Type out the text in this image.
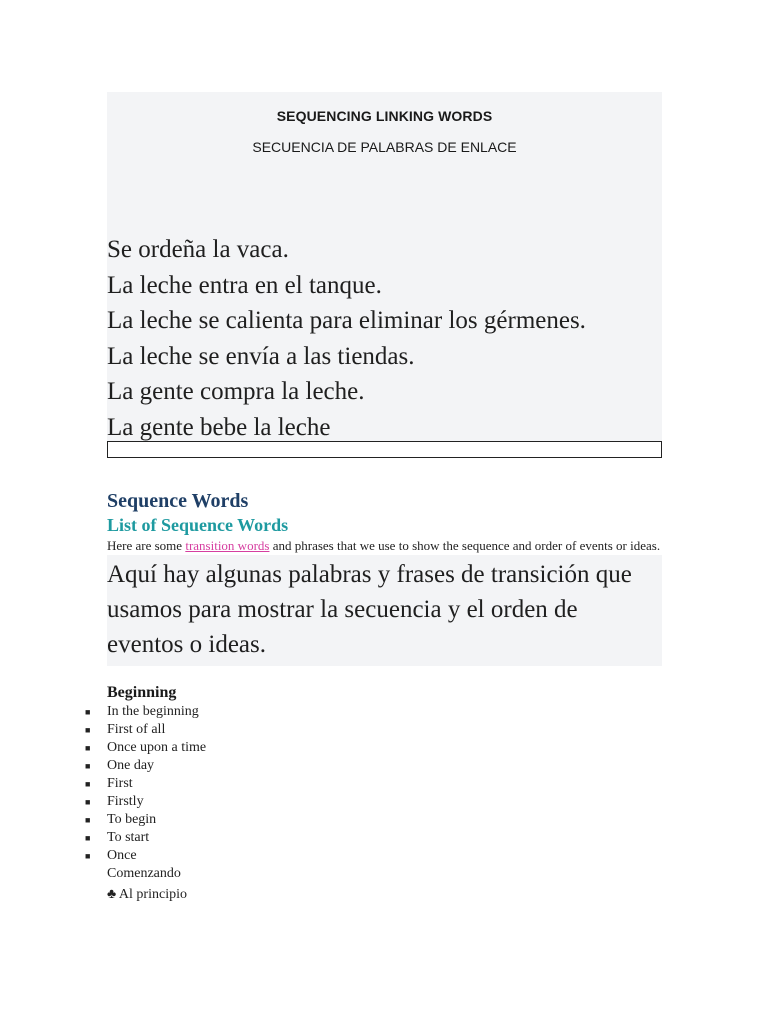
SEQUENCING LINKING WORDS
SECUENCIA DE PALABRAS DE ENLACE
Se ordeña la vaca.
La leche entra en el tanque.
La leche se calienta para eliminar los gérmenes.
La leche se envía a las tiendas.
La gente compra la leche.
La gente bebe la leche
Sequence Words
List of Sequence Words
Here are some transition words and phrases that we use to show the sequence and order of events or ideas.
Aquí hay algunas palabras y frases de transición que
usamos para mostrar la secuencia y el orden de
eventos o ideas.
Beginning
■ In the beginning
■ First of all
■ Once upon a time
■ One day
■ First
■ Firstly
■ To begin
■ To start
■ Once
Comenzando
♣ Al principio
